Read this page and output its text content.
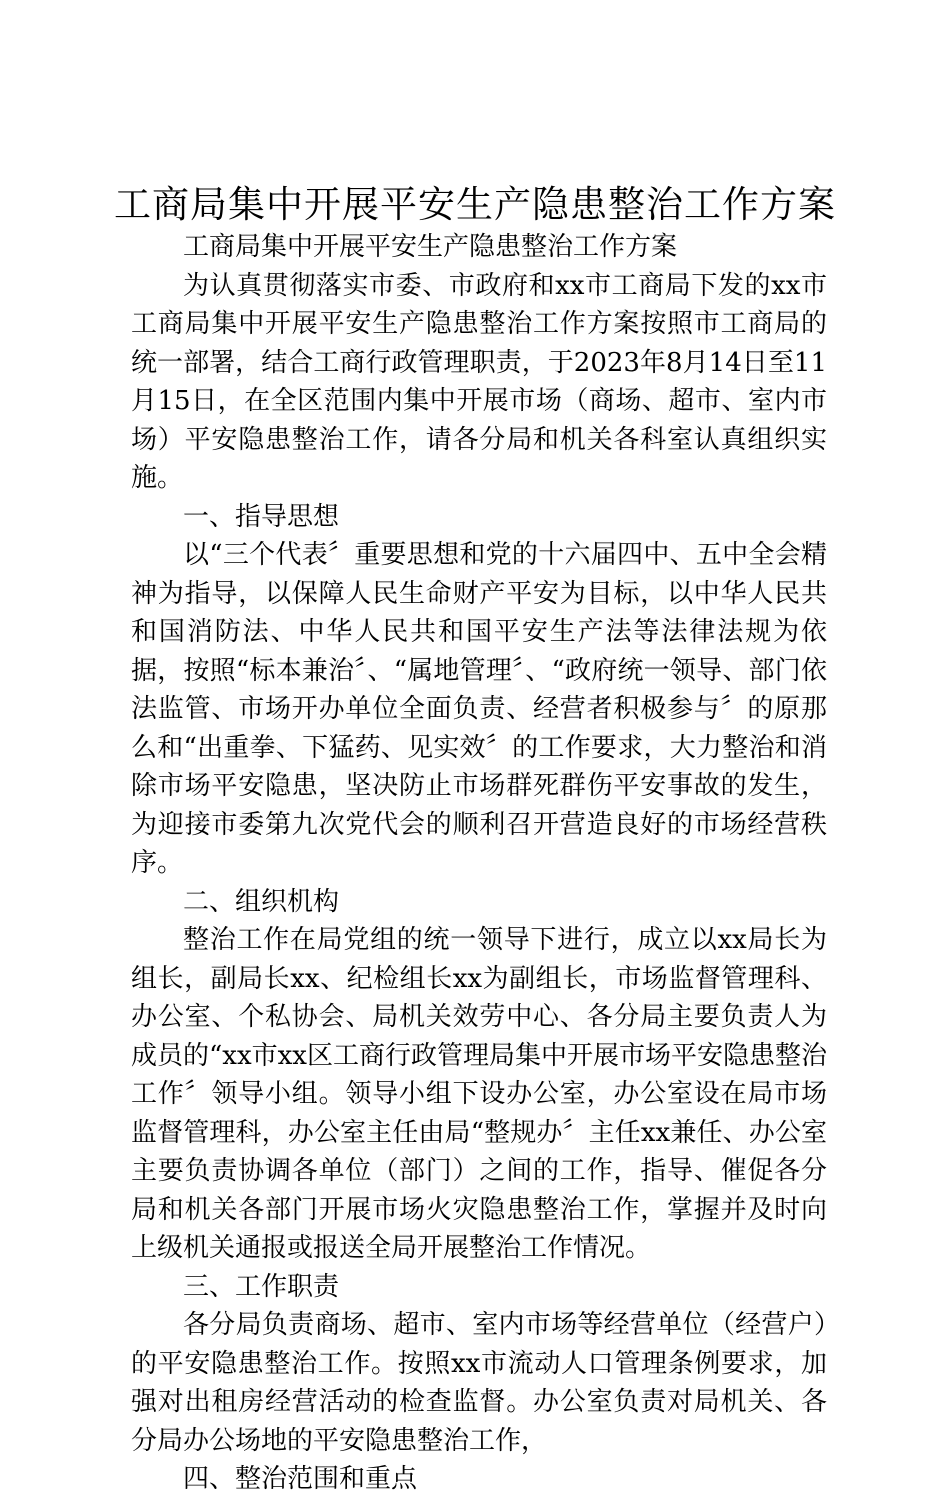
工商局集中开展平安生产隐患整治工作方案

工商局集中开展平安生产隐患整治工作方案

为认真贯彻落实市委、市政府和xx市工商局下发的xx市工商局集中开展平安生产隐患整治工作方案按照市工商局的统一部署，结合工商行政管理职责，于2023年8月14日至11月15日，在全区范围内集中开展市场（商场、超市、室内市场）平安隐患整治工作，请各分局和机关各科室认真组织实施。

一、指导思想

以“三个代表〞重要思想和党的十六届四中、五中全会精神为指导，以保障人民生命财产平安为目标，以中华人民共和国消防法、中华人民共和国平安生产法等法律法规为依据，按照“标本兼治〞、“属地管理〞、“政府统一领导、部门依法监管、市场开办单位全面负责、经营者积极参与〞的原那么和“出重拳、下猛药、见实效〞的工作要求，大力整治和消除市场平安隐患，坚决防止市场群死群伤平安事故的发生，为迎接市委第九次党代会的顺利召开营造良好的市场经营秩序。

二、组织机构

整治工作在局党组的统一领导下进行，成立以xx局长为组长，副局长xx、纪检组长xx为副组长，市场监督管理科、办公室、个私协会、局机关效劳中心、各分局主要负责人为成员的“xx市xx区工商行政管理局集中开展市场平安隐患整治工作〞领导小组。领导小组下设办公室，办公室设在局市场监督管理科，办公室主任由局“整规办〞主任xx兼任、办公室主要负责协调各单位（部门）之间的工作，指导、催促各分局和机关各部门开展市场火灾隐患整治工作，掌握并及时向上级机关通报或报送全局开展整治工作情况。

三、工作职责

各分局负责商场、超市、室内市场等经营单位（经营户）的平安隐患整治工作。按照xx市流动人口管理条例要求，加强对出租房经营活动的检查监督。办公室负责对局机关、各分局办公场地的平安隐患整治工作，

四、整治范围和重点
